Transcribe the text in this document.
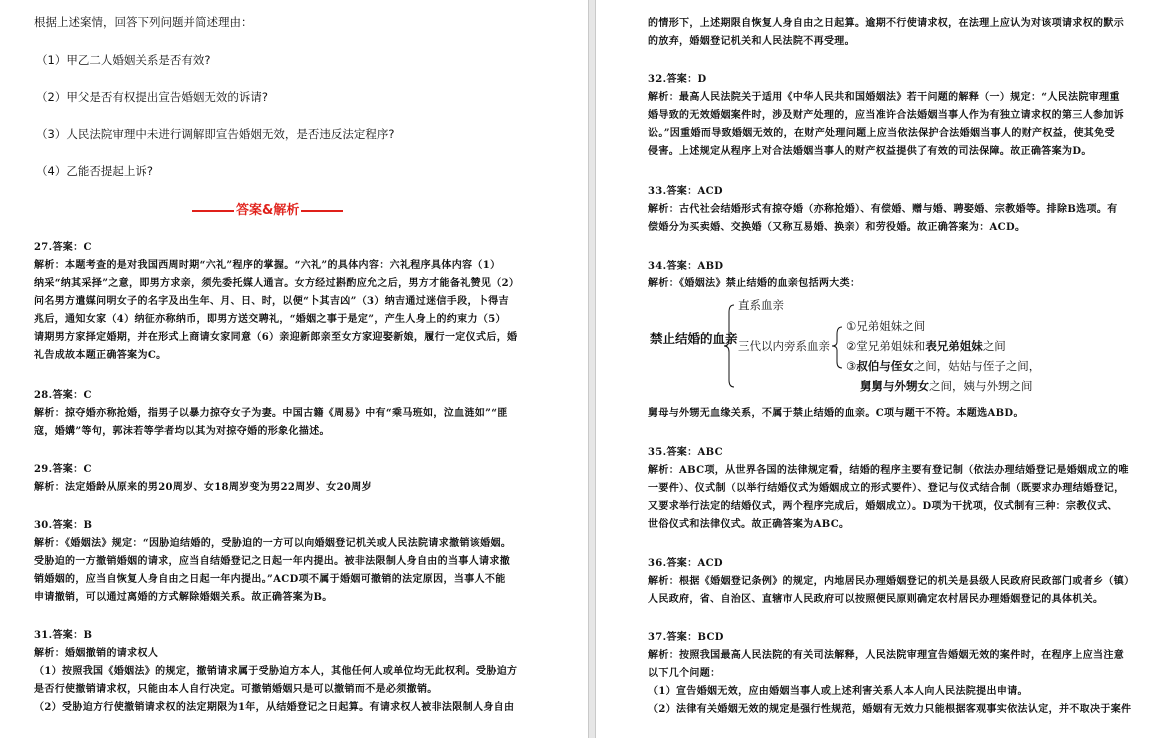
根据上述案情，回答下列问题并简述理由：
（1）甲乙二人婚姻关系是否有效?
（2）甲父是否有权提出宣告婚姻无效的诉请?
（3）人民法院审理中未进行调解即宣告婚姻无效，是否违反法定程序?
（4）乙能否提起上诉?
答案&解析
27.答案：C
解析：本题考查的是对我国西周时期“六礼”程序的掌握。“六礼”的具体内容：六礼程序具体内容（1）
纳采“纳其采择”之意，即男方求亲，须先委托媒人通言。女方经过斟酌应允之后，男方才能备礼赞见（2）
问名男方遣媒问明女子的名字及出生年、月、日、时，以便“卜其吉凶”（3）纳吉通过迷信手段，卜得吉
兆后，通知女家（4）纳征亦称纳币，即男方送交聘礼，“婚姻之事于是定”，产生人身上的约束力（5）
请期男方家择定婚期，并在形式上商请女家同意（6）亲迎新郎亲至女方家迎娶新娘，履行一定仪式后，婚
礼告成故本题正确答案为C。
28.答案：C
解析：掠夺婚亦称抢婚，指男子以暴力掠夺女子为妻。中国古籍《周易》中有“乘马班如，泣血涟如”“匪
寇，婚媾”等句，郭沫若等学者均以其为对掠夺婚的形象化描述。
29.答案：C
解析：法定婚龄从原来的男20周岁、女18周岁变为男22周岁、女20周岁
30.答案：B
解析：《婚姻法》规定：“因胁迫结婚的，受胁迫的一方可以向婚姻登记机关或人民法院请求撤销该婚姻。
受胁迫的一方撤销婚姻的请求，应当自结婚登记之日起一年内提出。被非法限制人身自由的当事人请求撤
销婚姻的，应当自恢复人身自由之日起一年内提出。”ACD项不属于婚姻可撤销的法定原因，当事人不能
申请撤销，可以通过离婚的方式解除婚姻关系。故正确答案为B。
31.答案：B
解析：婚姻撤销的请求权人
（1）按照我国《婚姻法》的规定，撤销请求属于受胁迫方本人，其他任何人或单位均无此权利。受胁迫方
是否行使撤销请求权，只能由本人自行决定。可撤销婚姻只是可以撤销而不是必须撤销。
（2）受胁迫方行使撤销请求权的法定期限为1年，从结婚登记之日起算。有请求权人被非法限制人身自由
的情形下，上述期限自恢复人身自由之日起算。逾期不行使请求权，在法理上应认为对该项请求权的默示
的放弃，婚姻登记机关和人民法院不再受理。
32.答案：D
解析：最高人民法院关于适用《中华人民共和国婚姻法》若干问题的解释（一）规定：“人民法院审理重
婚导致的无效婚姻案件时，涉及财产处理的，应当准许合法婚姻当事人作为有独立请求权的第三人参加诉
讼。”因重婚而导致婚姻无效的，在财产处理问题上应当依法保护合法婚姻当事人的财产权益，使其免受
侵害。上述规定从程序上对合法婚姻当事人的财产权益提供了有效的司法保障。故正确答案为D。
33.答案：ACD
解析：古代社会结婚形式有掠夺婚（亦称抢婚）、有偿婚、赠与婚、聘娶婚、宗教婚等。排除B选项。有
偿婚分为买卖婚、交换婚（又称互易婚、换亲）和劳役婚。故正确答案为：ACD。
34.答案：ABD
解析：《婚姻法》禁止结婚的血亲包括两大类：
禁止结婚的血亲
直系血亲
三代以内旁系血亲
①兄弟姐妹之间
②堂兄弟姐妹和表兄弟姐妹之间
③叔伯与侄女之间，姑姑与侄子之间，
舅舅与外甥女之间，姨与外甥之间
舅母与外甥无血缘关系，不属于禁止结婚的血亲。C项与题干不符。本题选ABD。
35.答案：ABC
解析：ABC项，从世界各国的法律规定看，结婚的程序主要有登记制（依法办理结婚登记是婚姻成立的唯
一要件）、仪式制（以举行结婚仪式为婚姻成立的形式要件）、登记与仪式结合制（既要求办理结婚登记，
又要求举行法定的结婚仪式，两个程序完成后，婚姻成立）。D项为干扰项，仪式制有三种：宗教仪式、
世俗仪式和法律仪式。故正确答案为ABC。
36.答案：ACD
解析：根据《婚姻登记条例》的规定，内地居民办理婚姻登记的机关是县级人民政府民政部门或者乡（镇）
人民政府，省、自治区、直辖市人民政府可以按照便民原则确定农村居民办理婚姻登记的具体机关。
37.答案：BCD
解析：按照我国最高人民法院的有关司法解释，人民法院审理宣告婚姻无效的案件时，在程序上应当注意
以下几个问题：
（1）宣告婚姻无效，应由婚姻当事人或上述利害关系人本人向人民法院提出申请。
（2）法律有关婚姻无效的规定是强行性规范，婚姻有无效力只能根据客观事实依法认定，并不取决于案件
